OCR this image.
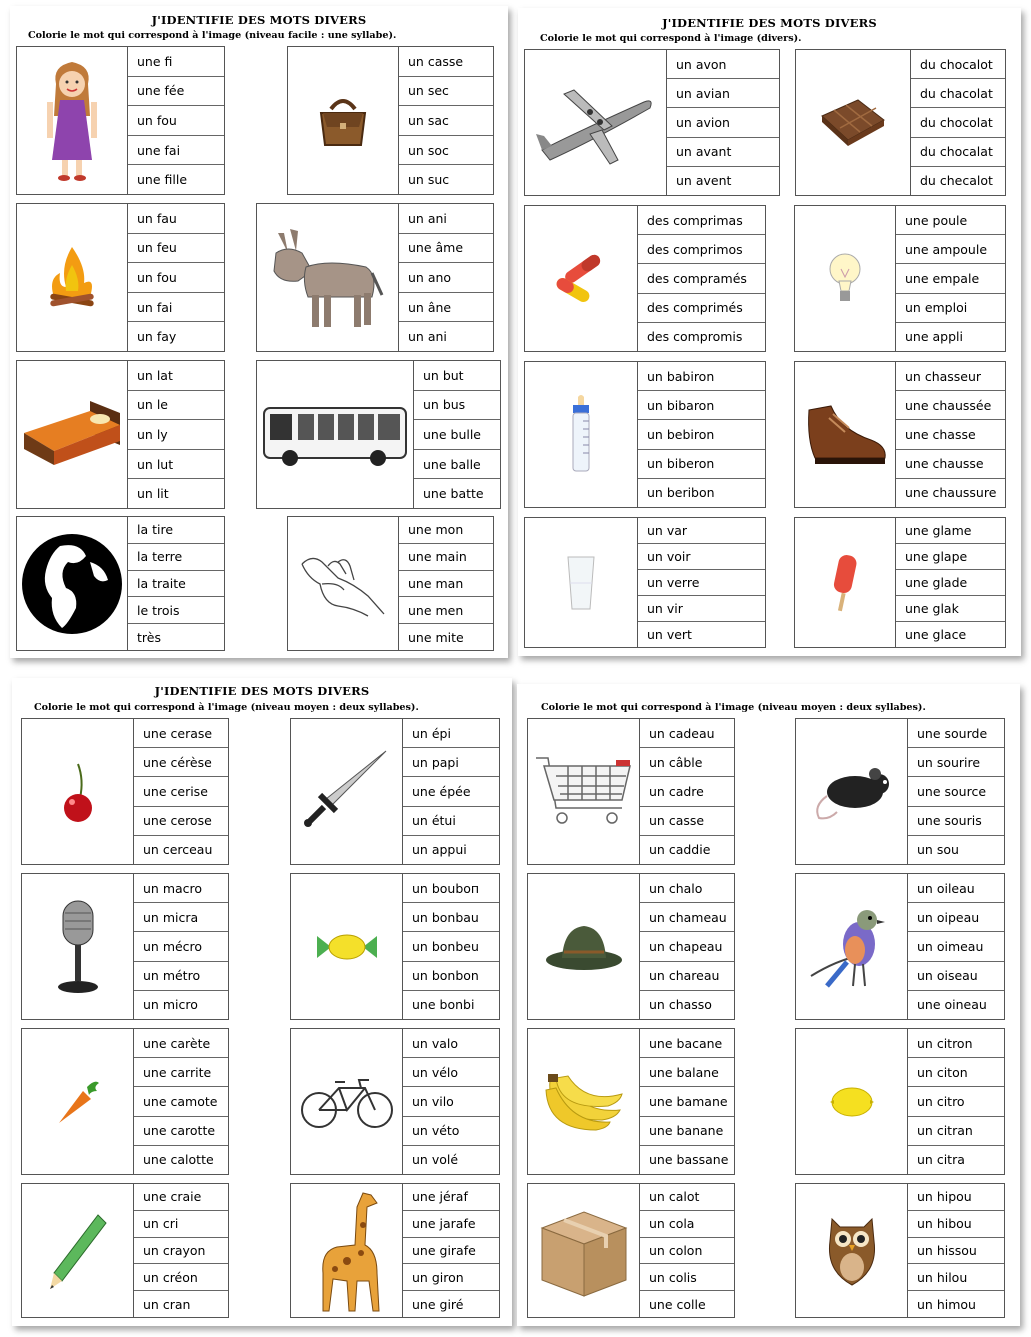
J'IDENTIFIE DES MOTS DIVERS
Colorie le mot qui correspond à l'image (niveau facile : une syllabe).
une fi
une fée
un fou
une fai
une fille
un casse
un sec
un sac
un soc
un suc
un fau
un feu
un fou
un fai
un fay
un ani
une âme
un ano
un âne
un ani
un lat
un le
un ly
un lut
un lit
un but
un bus
une bulle
une balle
une batte
la tire
la terre
la traite
le trois
très
une mon
une main
une man
une men
une mite
J'IDENTIFIE DES MOTS DIVERS
Colorie le mot qui correspond à l'image (divers).
un avon
un avian
un avion
un avant
un avent
du chocalot
du chacolat
du chocolat
du chocalat
du checalot
des comprimas
des comprimos
des compramés
des comprimés
des compromis
une poule
une ampoule
une empale
un emploi
une appli
un babiron
un bibaron
un bebiron
un biberon
un beribon
un chasseur
une chaussée
une chasse
une chausse
une chaussure
un var
un voir
un verre
un vir
un vert
une glame
une glape
une glade
une glak
une glace
J'IDENTIFIE DES MOTS DIVERS
Colorie le mot qui correspond à l'image (niveau moyen : deux syllabes).
une cerase
une cérèse
une cerise
une cerose
un cerceau
un épi
un papi
une épée
un étui
un appui
un macro
un micra
un mécro
un métro
un micro
un bouboп
un bonbau
un bonbeu
un bonbon
une bonbi
une carète
une carrite
une camote
une carotte
une calotte
un valo
un vélo
un vilo
un véto
un volé
une craie
un cri
un crayon
un créon
un cran
une jéraf
une jarafe
une girafe
un giron
une giré
Colorie le mot qui correspond à l'image (niveau moyen : deux syllabes).
un cadeau
un câble
un cadre
un casse
un caddie
une sourde
un sourire
une source
une souris
un sou
un chalo
un chameau
un chapeau
un chareau
un chasso
un oileau
un oipeau
un oimeau
un oiseau
une oineau
une bacane
une balane
une bamane
une banane
une bassane
un citron
un citon
un citro
un citran
un citra
un calot
un cola
un colon
un colis
une colle
un hipou
un hibou
un hissou
un hilou
un himou
